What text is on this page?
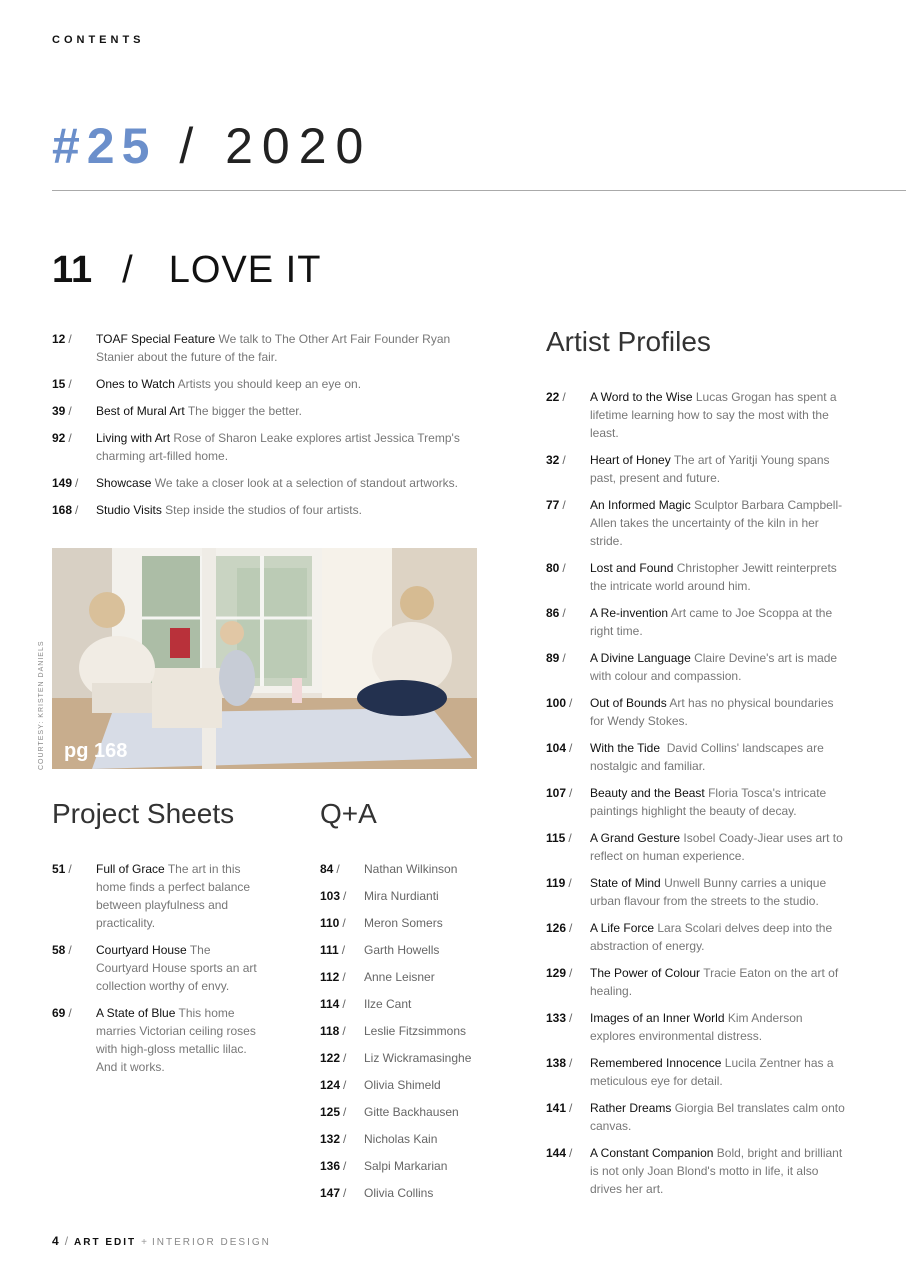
CONTENTS
#25 / 2020
11 / LOVE IT
12 /	TOAF Special Feature We talk to The Other Art Fair Founder Ryan Stanier about the future of the fair.
15 /	Ones to Watch Artists you should keep an eye on.
39 /	Best of Mural Art The bigger the better.
92 /	Living with Art Rose of Sharon Leake explores artist Jessica Tremp's charming art-filled home.
149 /	Showcase We take a closer look at a selection of standout artworks.
168 /	Studio Visits Step inside the studios of four artists.
pg 168
COURTESY: KRISTEN DANIELS
Project Sheets
51 /	Full of Grace The art in this home finds a perfect balance between playfulness and practicality.
58 /	Courtyard House The Courtyard House sports an art collection worthy of envy.
69 /	A State of Blue This home marries Victorian ceiling roses with high-gloss metallic lilac. And it works.
Q+A
84 /	Nathan Wilkinson
103 /	Mira Nurdianti
110 /	Meron Somers
111 /	Garth Howells
112 /	Anne Leisner
114 /	Ilze Cant
118 /	Leslie Fitzsimmons
122 /	Liz Wickramasinghe
124 /	Olivia Shimeld
125 /	Gitte Backhausen
132 /	Nicholas Kain
136 /	Salpi Markarian
147 /	Olivia Collins
Artist Profiles
22 /	A Word to the Wise Lucas Grogan has spent a lifetime learning how to say the most with the least.
32 /	Heart of Honey The art of Yaritji Young spans past, present and future.
77 /	An Informed Magic Sculptor Barbara Campbell-Allen takes the uncertainty of the kiln in her stride.
80 /	Lost and Found Christopher Jewitt reinterprets the intricate world around him.
86 /	A Re-invention Art came to Joe Scoppa at the right time.
89 /	A Divine Language Claire Devine's art is made with colour and compassion.
100 /	Out of Bounds Art has no physical boundaries for Wendy Stokes.
104 /	With the Tide  David Collins' landscapes are nostalgic and familiar.
107 /	Beauty and the Beast Floria Tosca's intricate paintings highlight the beauty of decay.
115 /	A Grand Gesture Isobel Coady-Jiear uses art to reflect on human experience.
119 /	State of Mind Unwell Bunny carries a unique urban flavour from the streets to the studio.
126 /	A Life Force Lara Scolari delves deep into the abstraction of energy.
129 /	The Power of Colour Tracie Eaton on the art of healing.
133 /	Images of an Inner World Kim Anderson explores environmental distress.
138 /	Remembered Innocence Lucila Zentner has a meticulous eye for detail.
141 /	Rather Dreams Giorgia Bel translates calm onto canvas.
144 /	A Constant Companion Bold, bright and brilliant is not only Joan Blond's motto in life, it also drives her art.
4 / ART EDIT + INTERIOR DESIGN
